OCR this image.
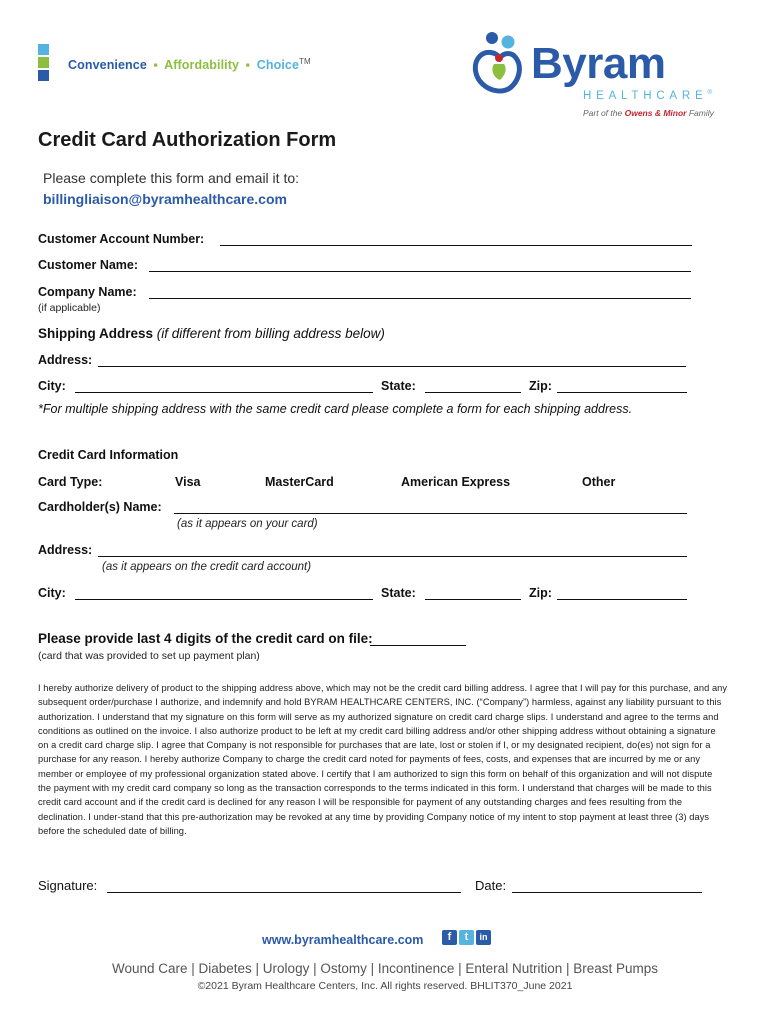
Convenience ▪ Affordability ▪ Choice™	Byram
HEALTHCARE®
Part of the Owens & Minor Family
Credit Card Authorization Form
Please complete this form and email it to:
billingliaison@byramhealthcare.com
Customer Account Number:
Customer Name:
Company Name:
(if applicable)
Shipping Address (if different from billing address below)
Address:
City:	State:	Zip:
*For multiple shipping address with the same credit card please complete a form for each shipping address.
Credit Card Information
Card Type:	Visa	MasterCard	American Express	Other
Cardholder(s) Name:
(as it appears on your card)
Address:
(as it appears on the credit card account)
City:	State:	Zip:
Please provide last 4 digits of the credit card on file:
(card that was provided to set up payment plan)
I hereby authorize delivery of product to the shipping address above, which may not be the credit card billing address. I agree that I will pay for this purchase, and any subsequent order/purchase I authorize, and indemnify and hold BYRAM HEALTHCARE CENTERS, INC. (“Company”) harmless, against any liability pursuant to this authorization. I understand that my signature on this form will serve as my authorized signature on credit card charge slips. I understand and agree to the terms and conditions as outlined on the invoice. I also authorize product to be left at my credit card billing address and/or other shipping address without obtaining a signature on a credit card charge slip. I agree that Company is not responsible for purchases that are late, lost or stolen if I, or my designated recipient, do(es) not sign for a purchase for any reason. I hereby authorize Company to charge the credit card noted for payments of fees, costs, and expenses that are incurred by me or any member or employee of my professional organization stated above. I certify that I am authorized to sign this form on behalf of this organization and will not dispute the payment with my credit card company so long as the transaction corresponds to the terms indicated in this form. I understand that charges will be made to this credit card account and if the credit card is declined for any reason I will be responsible for payment of any outstanding charges and fees resulting from the declination. I under-stand that this pre-authorization may be revoked at any time by providing Company notice of my intent to stop payment at least three (3) days before the scheduled date of billing.
Signature:	Date:
www.byramhealthcare.com	f	t	in
Wound Care | Diabetes | Urology | Ostomy | Incontinence | Enteral Nutrition | Breast Pumps
©2021 Byram Healthcare Centers, Inc. All rights reserved. BHLIT370_June 2021
